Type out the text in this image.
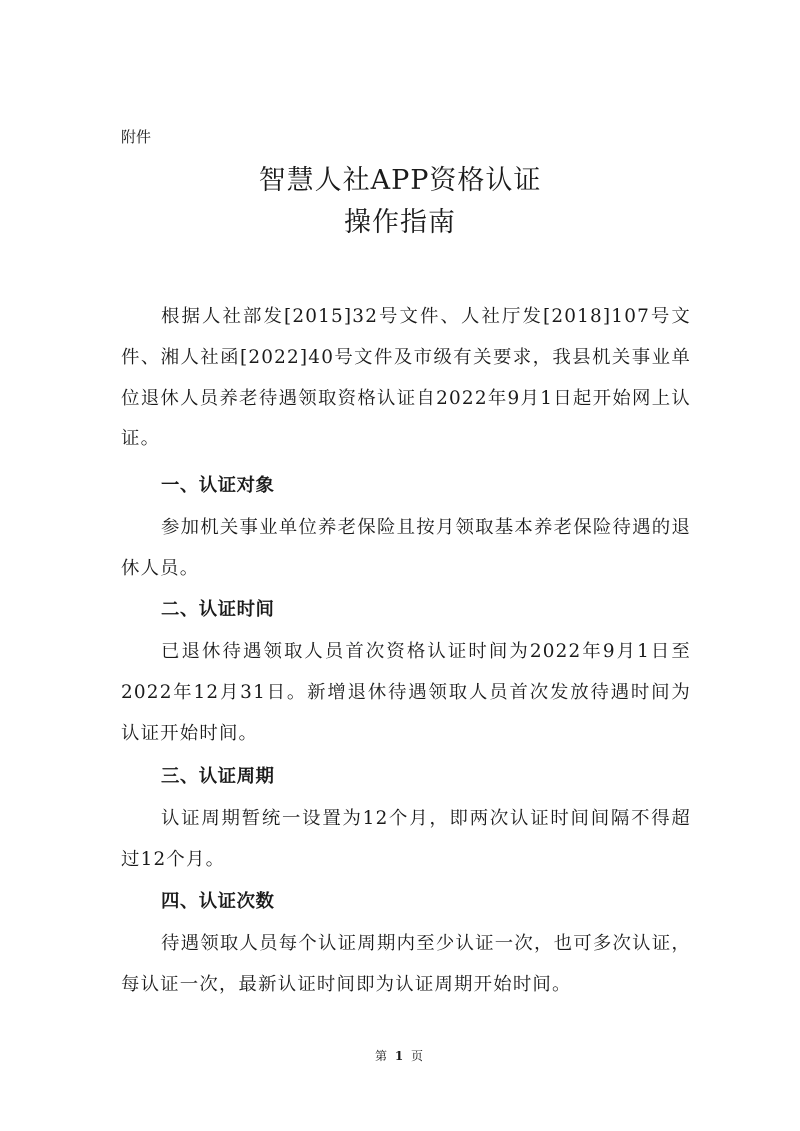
附件
智慧人社APP资格认证
操作指南
根据人社部发[2015]32号文件、人社厅发[2018]107号文件、湘人社函[2022]40号文件及市级有关要求，我县机关事业单位退休人员养老待遇领取资格认证自2022年9月1日起开始网上认证。
一、认证对象
参加机关事业单位养老保险且按月领取基本养老保险待遇的退休人员。
二、认证时间
已退休待遇领取人员首次资格认证时间为2022年9月1日至2022年12月31日。新增退休待遇领取人员首次发放待遇时间为认证开始时间。
三、认证周期
认证周期暂统一设置为12个月，即两次认证时间间隔不得超过12个月。
四、认证次数
待遇领取人员每个认证周期内至少认证一次，也可多次认证，每认证一次，最新认证时间即为认证周期开始时间。
第 1 页
